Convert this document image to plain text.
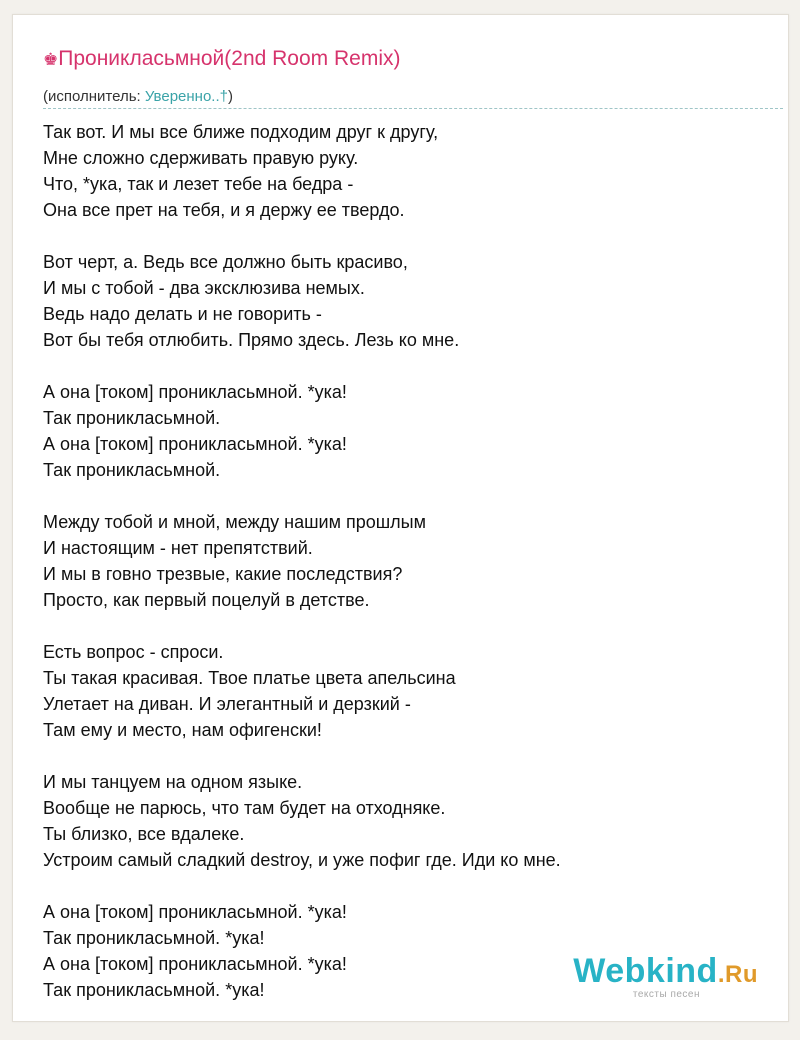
♚Проникласьмной(2nd Room Remix)
(исполнитель: Уверенно..†)
Так вот. И мы все ближе подходим друг к другу,
Мне сложно сдерживать правую руку.
Что, *ука, так и лезет тебе на бедра -
Она все прет на тебя, и я держу ее твердо.
Вот черт, а. Ведь все должно быть красиво,
И мы с тобой - два эксклюзива немых.
Ведь надо делать и не говорить -
Вот бы тебя отлюбить. Прямо здесь. Лезь ко мне.
А она [током] проникласьмной. *ука!
Так проникласьмной.
А она [током] проникласьмной. *ука!
Так проникласьмной.
Между тобой и мной, между нашим прошлым
И настоящим - нет препятствий.
И мы в говно трезвые, какие последствия?
Просто, как первый поцелуй в детстве.
Есть вопрос - спроси.
Ты такая красивая. Твое платье цвета апельсина
Улетает на диван. И элегантный и дерзкий -
Там ему и место, нам офигенски!
И мы танцуем на одном языке.
Вообще не парюсь, что там будет на отходняке.
Ты близко, все вдалеке.
Устроим самый сладкий destroy, и уже пофиг где. Иди ко мне.
А она [током] проникласьмной. *ука!
Так проникласьмной. *ука!
А она [током] проникласьмной. *ука!
Так проникласьмной. *ука!	Webkind.Ru
тексты песен
